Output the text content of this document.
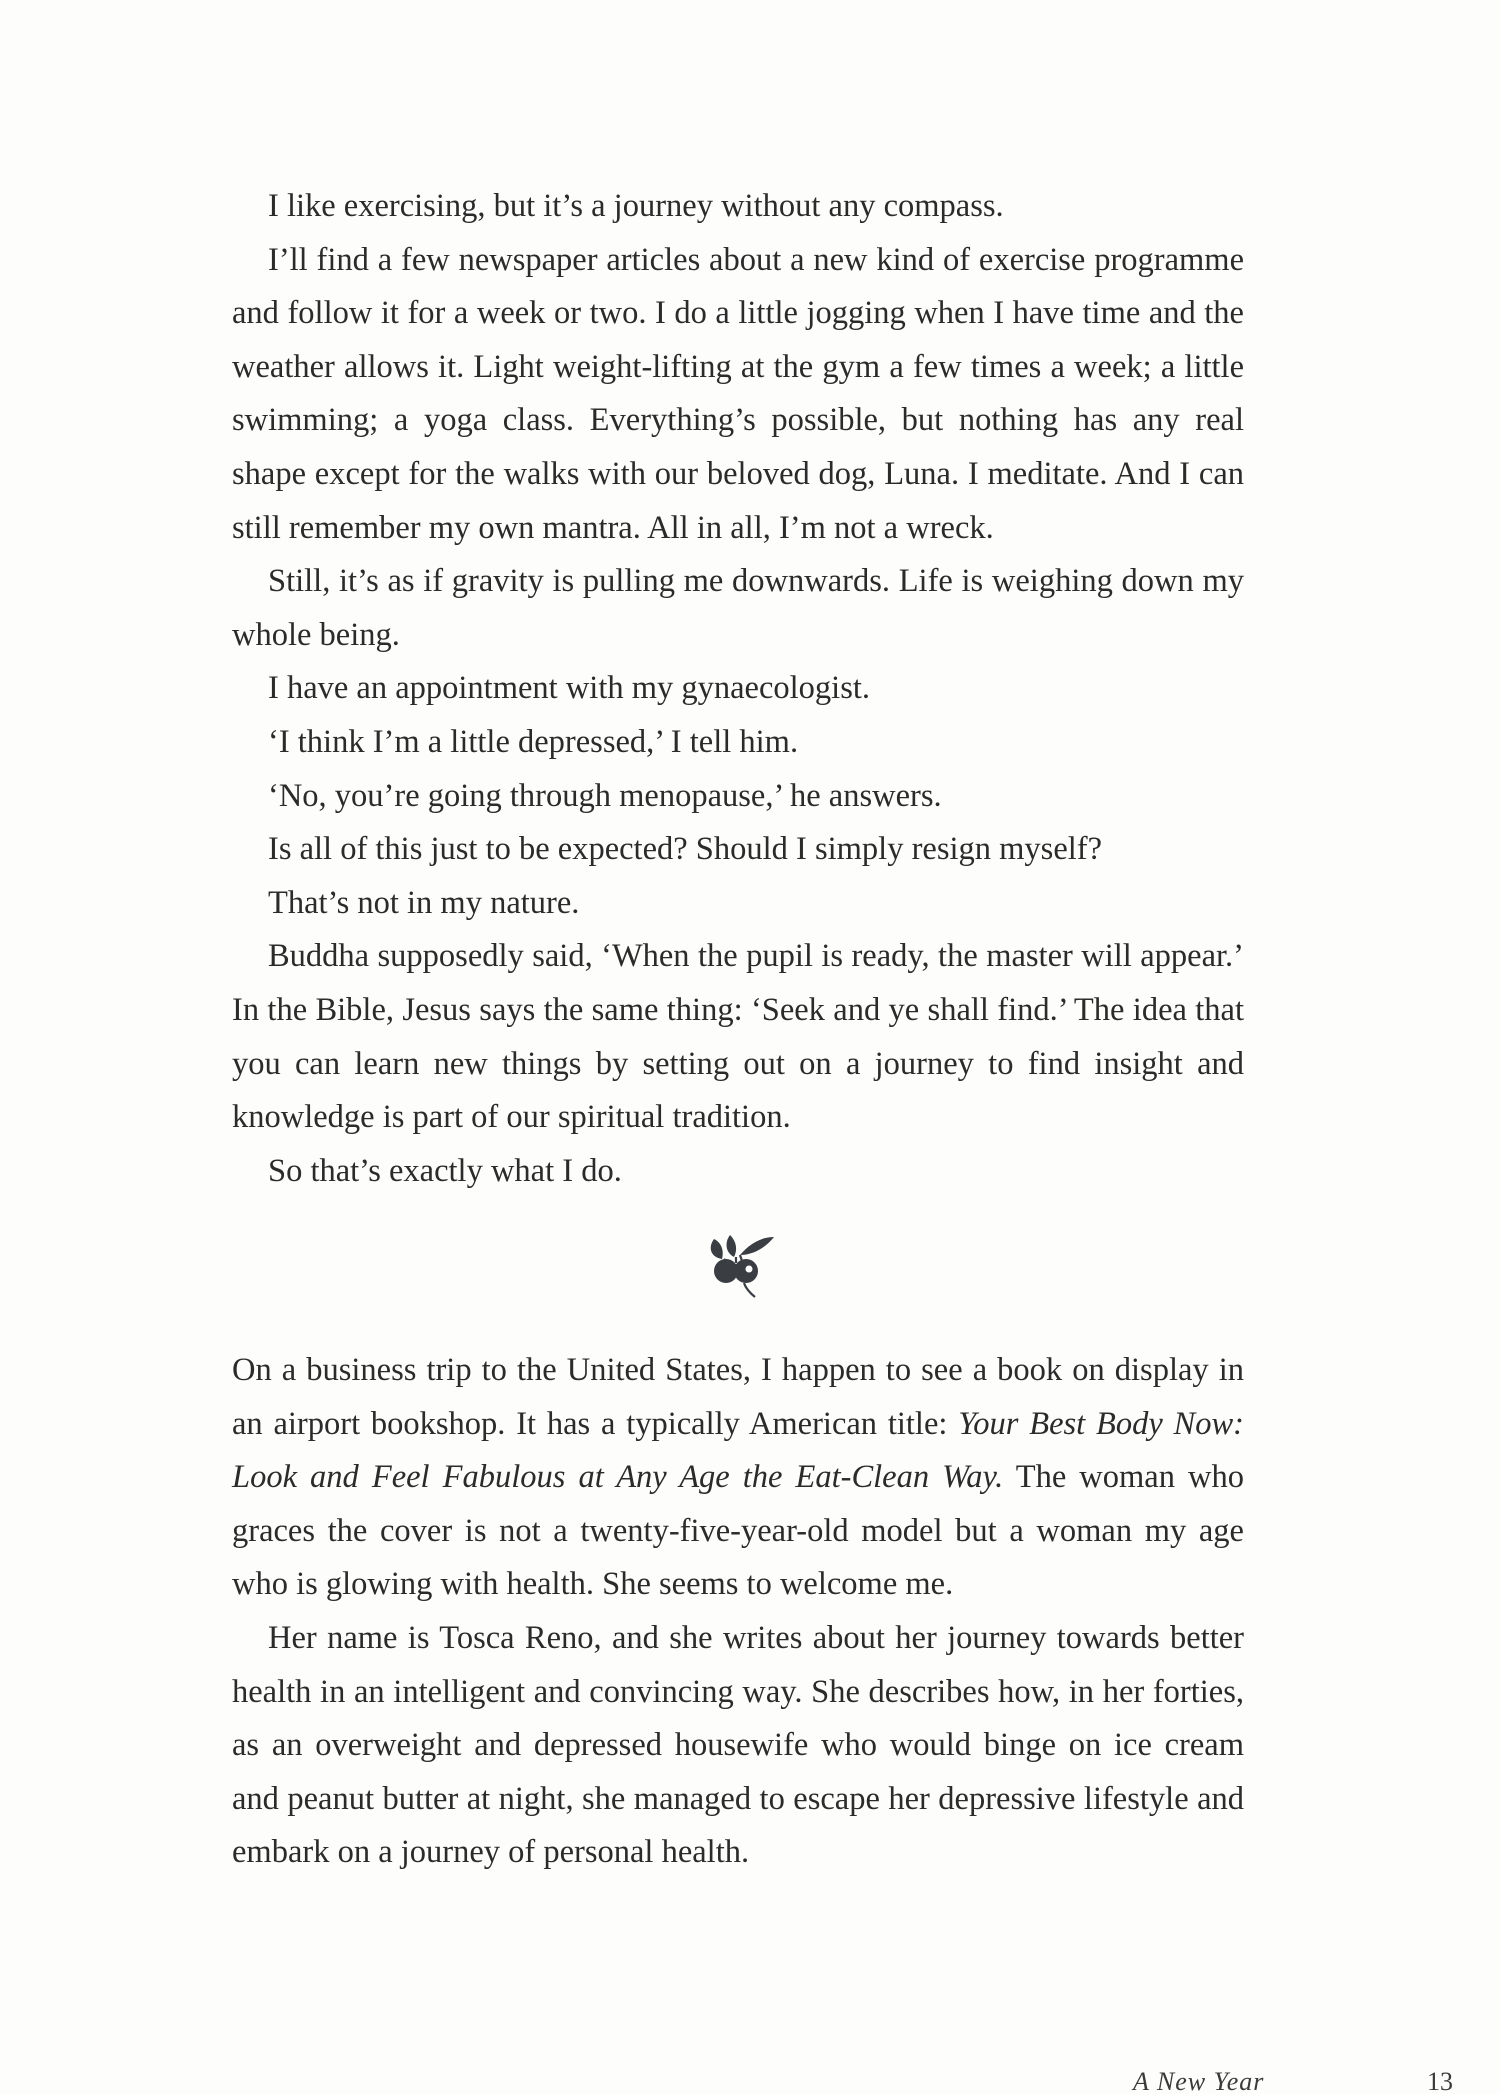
I like exercising, but it’s a journey without any compass.

I’ll find a few newspaper articles about a new kind of exercise programme and follow it for a week or two. I do a little jogging when I have time and the weather allows it. Light weight-lifting at the gym a few times a week; a little swimming; a yoga class. Everything’s possible, but nothing has any real shape except for the walks with our beloved dog, Luna. I meditate. And I can still remember my own mantra. All in all, I’m not a wreck.

Still, it’s as if gravity is pulling me downwards. Life is weighing down my whole being.

I have an appointment with my gynaecologist.

‘I think I’m a little depressed,’ I tell him.

‘No, you’re going through menopause,’ he answers.

Is all of this just to be expected? Should I simply resign myself?

That’s not in my nature.

Buddha supposedly said, ‘When the pupil is ready, the master will appear.’ In the Bible, Jesus says the same thing: ‘Seek and ye shall find.’ The idea that you can learn new things by setting out on a journey to find insight and knowledge is part of our spiritual tradition.

So that’s exactly what I do.

On a business trip to the United States, I happen to see a book on display in an airport bookshop. It has a typically American title: Your Best Body Now: Look and Feel Fabulous at Any Age the Eat-Clean Way. The woman who graces the cover is not a twenty-five-year-old model but a woman my age who is glowing with health. She seems to welcome me.

Her name is Tosca Reno, and she writes about her journey towards better health in an intelligent and convincing way. She describes how, in her forties, as an overweight and depressed housewife who would binge on ice cream and peanut butter at night, she managed to escape her depressive lifestyle and embark on a journey of personal health.

A New Year	13
